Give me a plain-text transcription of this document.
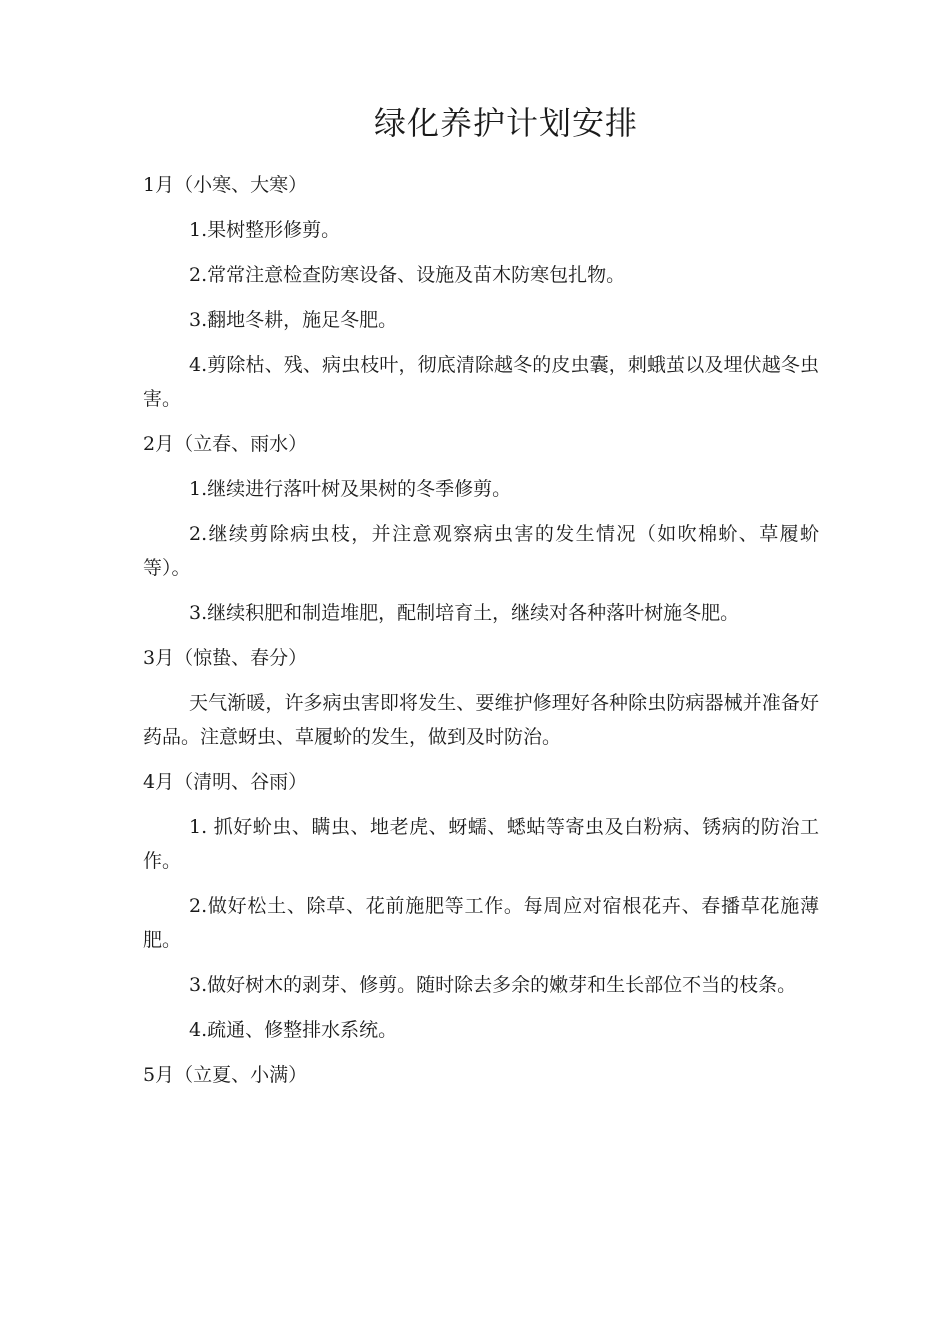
绿化养护计划安排

1月（小寒、大寒）

1.果树整形修剪。

2.常常注意检查防寒设备、设施及苗木防寒包扎物。

3.翻地冬耕，施足冬肥。

4.剪除枯、残、病虫枝叶，彻底清除越冬的皮虫囊，刺蛾茧以及埋伏越冬虫害。

2月（立春、雨水）

1.继续进行落叶树及果树的冬季修剪。

2.继续剪除病虫枝，并注意观察病虫害的发生情况（如吹棉蚧、草履蚧等）。

3.继续积肥和制造堆肥，配制培育土，继续对各种落叶树施冬肥。

3月（惊蛰、春分）

天气渐暖，许多病虫害即将发生、要维护修理好各种除虫防病器械并准备好药品。注意蚜虫、草履蚧的发生，做到及时防治。

4月（清明、谷雨）

1. 抓好蚧虫、瞒虫、地老虎、蚜蠕、蟋蛄等寄虫及白粉病、锈病的防治工作。

2.做好松土、除草、花前施肥等工作。每周应对宿根花卉、春播草花施薄肥。

3.做好树木的剥芽、修剪。随时除去多余的嫩芽和生长部位不当的枝条。

4.疏通、修整排水系统。

5月（立夏、小满）
